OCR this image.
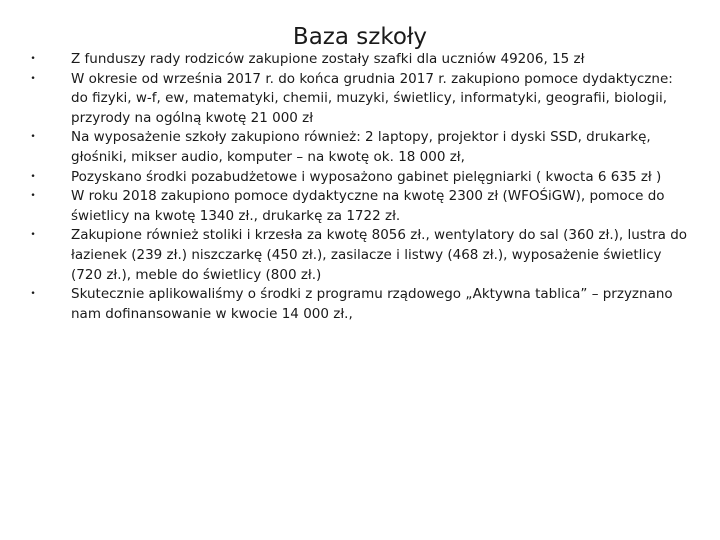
Baza szkoły
•	Z funduszy rady rodziców zakupione zostały szafki dla uczniów 49206, 15 zł
•	W okresie od września 2017 r. do końca grudnia 2017 r. zakupiono pomoce dydaktyczne: do fizyki, w-f, ew, matematyki, chemii, muzyki, świetlicy, informatyki, geografii, biologii, przyrody na ogólną kwotę 21 000 zł
•	Na wyposażenie szkoły zakupiono również: 2 laptopy, projektor i dyski SSD, drukarkę, głośniki, mikser audio, komputer – na kwotę ok. 18 000 zł,
•	Pozyskano środki pozabudżetowe i wyposażono gabinet pielęgniarki ( kwocta 6 635 zł )
•	W roku 2018 zakupiono pomoce dydaktyczne na kwotę 2300 zł (WFOŚiGW), pomoce do świetlicy na kwotę 1340 zł., drukarkę za 1722 zł.
•	Zakupione również stoliki i krzesła za kwotę 8056 zł., wentylatory do sal (360 zł.), lustra do łazienek (239 zł.) niszczarkę (450 zł.), zasilacze i listwy (468 zł.), wyposażenie świetlicy (720 zł.), meble do świetlicy (800 zł.)
•	Skutecznie aplikowaliśmy o środki z programu rządowego „Aktywna tablica” – przyznano nam dofinansowanie w kwocie 14 000 zł.,
